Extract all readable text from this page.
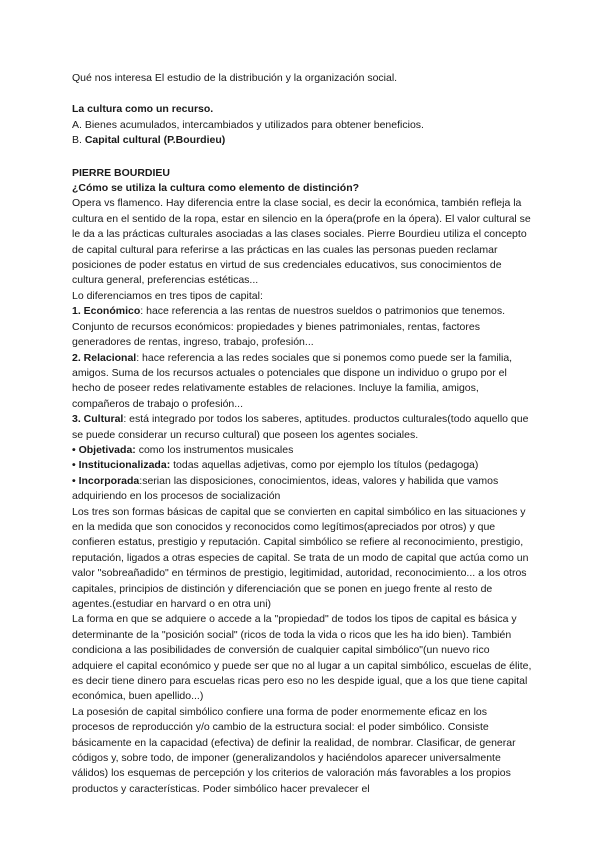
Qué nos interesa El estudio de la distribución y la organización social.

La cultura como un recurso.

A. Bienes acumulados, intercambiados y utilizados para obtener beneficios.

B. Capital cultural (P.Bourdieu)

PIERRE BOURDIEU

¿Cómo se utiliza la cultura como elemento de distinción?

Opera vs flamenco. Hay diferencia entre la clase social, es decir la económica, también refleja la cultura en el sentido de la ropa, estar en silencio en la ópera(profe en la ópera). El valor cultural se le da a las prácticas culturales asociadas a las clases sociales. Pierre Bourdieu utiliza el concepto de capital cultural para referirse a las prácticas en las cuales las personas pueden reclamar posiciones de poder estatus en virtud de sus credenciales educativos, sus conocimientos de cultura general, preferencias estéticas...

Lo diferenciamos en tres tipos de capital:

1. Económico: hace referencia a las rentas de nuestros sueldos o patrimonios que tenemos. Conjunto de recursos económicos: propiedades y bienes patrimoniales, rentas, factores generadores de rentas, ingreso, trabajo, profesión...

2. Relacional: hace referencia a las redes sociales que si ponemos como puede ser la familia, amigos. Suma de los recursos actuales o potenciales que dispone un individuo o grupo por el hecho de poseer redes relativamente estables de relaciones. Incluye la familia, amigos, compañeros de trabajo o profesión...

3. Cultural: está integrado por todos los saberes, aptitudes. productos culturales(todo aquello que se puede considerar un recurso cultural) que poseen los agentes sociales.

• Objetivada: como los instrumentos musicales

• Institucionalizada: todas aquellas adjetivas, como por ejemplo los títulos (pedagoga)

• Incorporada:serian las disposiciones, conocimientos, ideas, valores y habilida que vamos adquiriendo en los procesos de socialización

Los tres son formas básicas de capital que se convierten en capital simbólico en las situaciones y en la medida que son conocidos y reconocidos como legítimos(apreciados por otros) y que confieren estatus, prestigio y reputación. Capital simbólico se refiere al reconocimiento, prestigio, reputación, ligados a otras especies de capital. Se trata de un modo de capital que actúa como un valor "sobreañadido" en términos de prestigio, legitimidad, autoridad, reconocimiento... a los otros capitales, principios de distinción y diferenciación que se ponen en juego frente al resto de agentes.(estudiar en harvard o en otra uni)

La forma en que se adquiere o accede a la "propiedad" de todos los tipos de capital es básica y determinante de la "posición social" (ricos de toda la vida o ricos que les ha ido bien). También condiciona a las posibilidades de conversión de cualquier capital simbólico"(un nuevo rico adquiere el capital económico y puede ser que no al lugar a un capital simbólico, escuelas de élite, es decir tiene dinero para escuelas ricas pero eso no les despide igual, que a los que tiene capital económica, buen apellido...)

La posesión de capital simbólico confiere una forma de poder enormemente eficaz en los procesos de reproducción y/o cambio de la estructura social: el poder simbólico. Consiste básicamente en la capacidad (efectiva) de definir la realidad, de nombrar. Clasificar, de generar códigos y, sobre todo, de imponer (generalizandolos y haciéndolos aparecer universalmente válidos) los esquemas de percepción y los criterios de valoración más favorables a los propios productos y características. Poder simbólico hacer prevalecer el
